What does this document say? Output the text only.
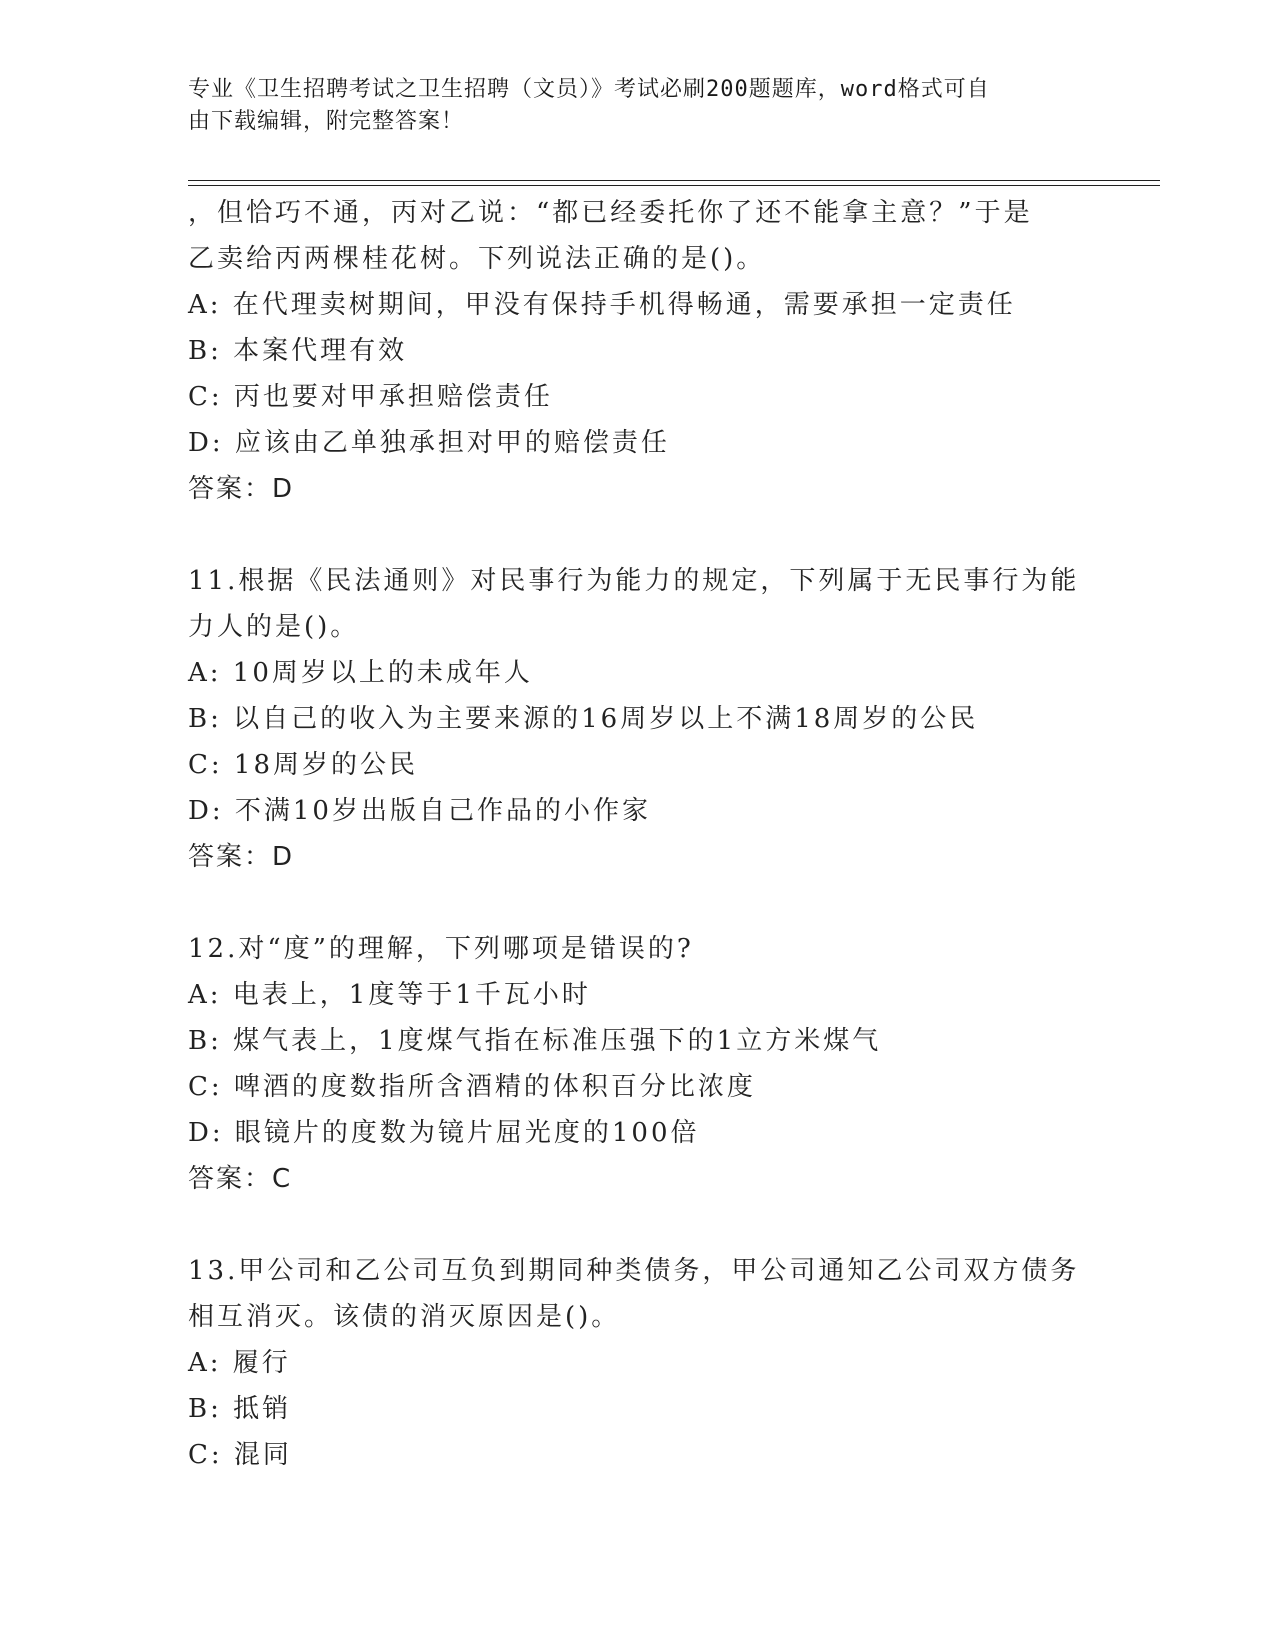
专业《卫生招聘考试之卫生招聘（文员）》考试必刷200题题库，word格式可自
由下载编辑，附完整答案！
，但恰巧不通，丙对乙说：“都已经委托你了还不能拿主意？”于是
乙卖给丙两棵桂花树。下列说法正确的是()。
A: 在代理卖树期间，甲没有保持手机得畅通，需要承担一定责任
B: 本案代理有效
C: 丙也要对甲承担赔偿责任
D: 应该由乙单独承担对甲的赔偿责任
答案：D
11.根据《民法通则》对民事行为能力的规定，下列属于无民事行为能
力人的是()。
A: 10周岁以上的未成年人
B: 以自己的收入为主要来源的16周岁以上不满18周岁的公民
C: 18周岁的公民
D: 不满10岁出版自己作品的小作家
答案：D
12.对“度”的理解，下列哪项是错误的?
A: 电表上，1度等于1千瓦小时
B: 煤气表上，1度煤气指在标准压强下的1立方米煤气
C: 啤酒的度数指所含酒精的体积百分比浓度
D: 眼镜片的度数为镜片屈光度的100倍
答案：C
13.甲公司和乙公司互负到期同种类债务，甲公司通知乙公司双方债务
相互消灭。该债的消灭原因是()。
A: 履行
B: 抵销
C: 混同
